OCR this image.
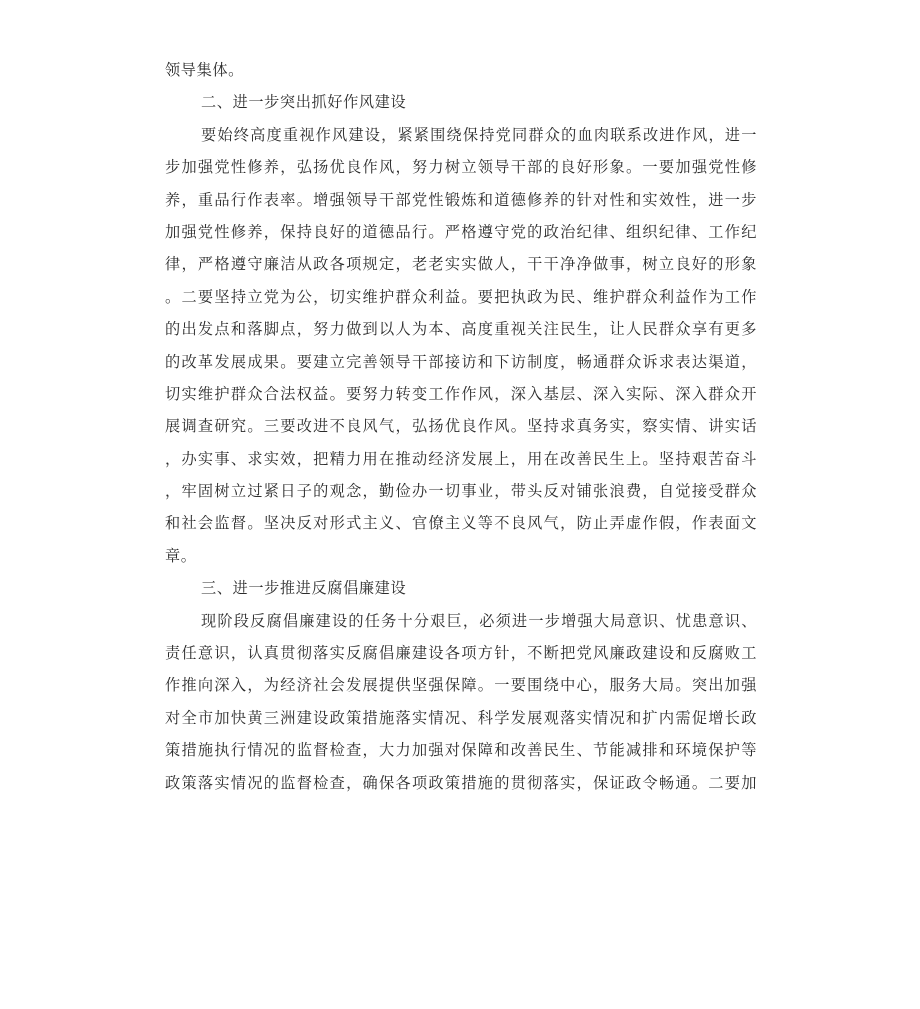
领导集体。
二、进一步突出抓好作风建设
要始终高度重视作风建设，紧紧围绕保持党同群众的血肉联系改进作风，进一
步加强党性修养，弘扬优良作风，努力树立领导干部的良好形象。一要加强党性修
养，重品行作表率。增强领导干部党性锻炼和道德修养的针对性和实效性，进一步
加强党性修养，保持良好的道德品行。严格遵守党的政治纪律、组织纪律、工作纪
律，严格遵守廉洁从政各项规定，老老实实做人，干干净净做事，树立良好的形象
。二要坚持立党为公，切实维护群众利益。要把执政为民、维护群众利益作为工作
的出发点和落脚点，努力做到以人为本、高度重视关注民生，让人民群众享有更多
的改革发展成果。要建立完善领导干部接访和下访制度，畅通群众诉求表达渠道，
切实维护群众合法权益。要努力转变工作作风，深入基层、深入实际、深入群众开
展调查研究。三要改进不良风气，弘扬优良作风。坚持求真务实，察实情、讲实话
，办实事、求实效，把精力用在推动经济发展上，用在改善民生上。坚持艰苦奋斗
，牢固树立过紧日子的观念，勤俭办一切事业，带头反对铺张浪费，自觉接受群众
和社会监督。坚决反对形式主义、官僚主义等不良风气，防止弄虚作假，作表面文
章。
三、进一步推进反腐倡廉建设
现阶段反腐倡廉建设的任务十分艰巨，必须进一步增强大局意识、忧患意识、
责任意识，认真贯彻落实反腐倡廉建设各项方针，不断把党风廉政建设和反腐败工
作推向深入，为经济社会发展提供坚强保障。一要围绕中心，服务大局。突出加强
对全市加快黄三洲建设政策措施落实情况、科学发展观落实情况和扩内需促增长政
策措施执行情况的监督检查，大力加强对保障和改善民生、节能减排和环境保护等
政策落实情况的监督检查，确保各项政策措施的贯彻落实，保证政令畅通。二要加
